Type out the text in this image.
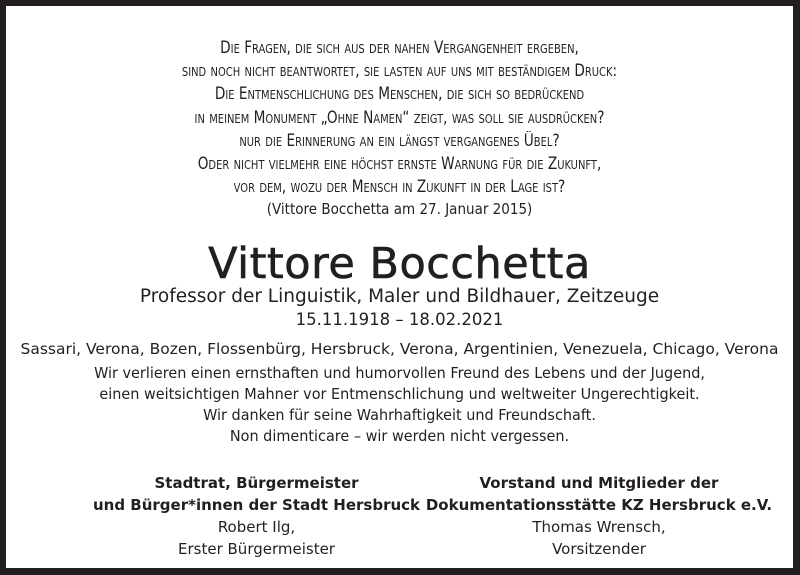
Die Fragen, die sich aus der nahen Vergangenheit ergeben,
sind noch nicht beantwortet, sie lasten auf uns mit beständigem Druck:
Die Entmenschlichung des Menschen, die sich so bedrückend
in meinem Monument „Ohne Namen“ zeigt, was soll sie ausdrücken?
nur die Erinnerung an ein längst vergangenes Übel?
Oder nicht vielmehr eine höchst ernste Warnung für die Zukunft,
vor dem, wozu der Mensch in Zukunft in der Lage ist?
(Vittore Bocchetta am 27. Januar 2015)
Vittore Bocchetta
Professor der Linguistik, Maler und Bildhauer, Zeitzeuge
15.11.1918 – 18.02.2021
Sassari, Verona, Bozen, Flossenbürg, Hersbruck, Verona, Argentinien, Venezuela, Chicago, Verona
Wir verlieren einen ernsthaften und humorvollen Freund des Lebens und der Jugend,
einen weitsichtigen Mahner vor Entmenschlichung und weltweiter Ungerechtigkeit.
Wir danken für seine Wahrhaftigkeit und Freundschaft.
Non dimenticare – wir werden nicht vergessen.
Stadtrat, Bürgermeister
und Bürger*innen der Stadt Hersbruck
Robert Ilg,
Erster Bürgermeister
Vorstand und Mitglieder der
Dokumentationsstätte KZ Hersbruck e.V.
Thomas Wrensch,
Vorsitzender
